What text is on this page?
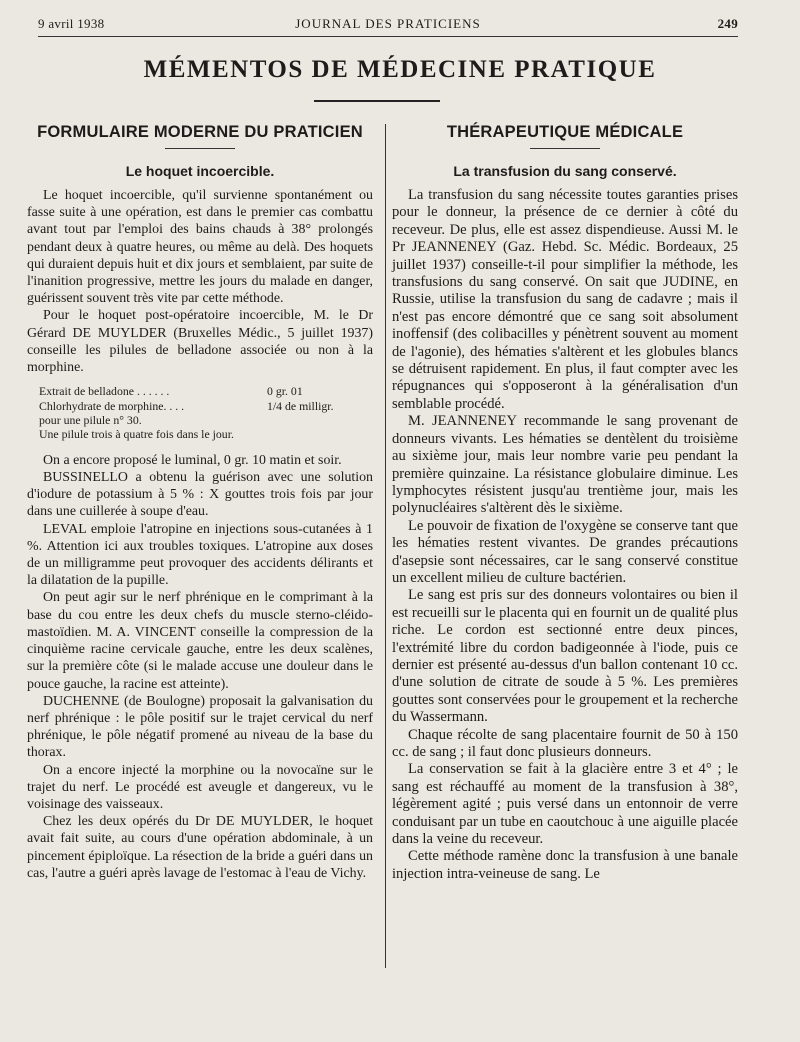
9 avril 1938	JOURNAL DES PRATICIENS	249
MÉMENTOS DE MÉDECINE PRATIQUE
FORMULAIRE MODERNE DU PRATICIEN
Le hoquet incoercible.

Le hoquet incoercible, qu'il survienne spontanément ou fasse suite à une opération, est dans le premier cas combattu avant tout par l'emploi des bains chauds à 38° prolongés pendant deux à quatre heures, ou même au delà. Des hoquets qui duraient depuis huit et dix jours et semblaient, par suite de l'inanition progressive, mettre les jours du malade en danger, guérissent souvent très vite par cette méthode.

Pour le hoquet post-opératoire incoercible, M. le Dr Gérard DE MUYLDER (Bruxelles Médic., 5 juillet 1937) conseille les pilules de belladone associée ou non à la morphine.

Extrait de belladone . . . . . .	0 gr. 01
Chlorhydrate de morphine. . . .	1/4 de milligr.
pour une pilule n° 30.
Une pilule trois à quatre fois dans le jour.

On a encore proposé le luminal, 0 gr. 10 matin et soir.

BUSSINELLO a obtenu la guérison avec une solution d'iodure de potassium à 5 % : X gouttes trois fois par jour dans une cuillerée à soupe d'eau.

LEVAL emploie l'atropine en injections sous-cutanées à 1 %. Attention ici aux troubles toxiques. L'atropine aux doses de un milligramme peut provoquer des accidents délirants et la dilatation de la pupille.

On peut agir sur le nerf phrénique en le comprimant à la base du cou entre les deux chefs du muscle sterno-cléido-mastoïdien. M. A. VINCENT conseille la compression de la cinquième racine cervicale gauche, entre les deux scalènes, sur la première côte (si le malade accuse une douleur dans le pouce gauche, la racine est atteinte).

DUCHENNE (de Boulogne) proposait la galvanisation du nerf phrénique : le pôle positif sur le trajet cervical du nerf phrénique, le pôle négatif promené au niveau de la base du thorax.

On a encore injecté la morphine ou la novocaïne sur le trajet du nerf. Le procédé est aveugle et dangereux, vu le voisinage des vaisseaux.

Chez les deux opérés du Dr DE MUYLDER, le hoquet avait fait suite, au cours d'une opération abdominale, à un pincement épiploïque. La résection de la bride a guéri dans un cas, l'autre a guéri après lavage de l'estomac à l'eau de Vichy.

THÉRAPEUTIQUE MÉDICALE
La transfusion du sang conservé.

La transfusion du sang nécessite toutes garanties prises pour le donneur, la présence de ce dernier à côté du receveur. De plus, elle est assez dispendieuse. Aussi M. le Pr JEANNENEY (Gaz. Hebd. Sc. Médic. Bordeaux, 25 juillet 1937) conseille-t-il pour simplifier la méthode, les transfusions du sang conservé. On sait que JUDINE, en Russie, utilise la transfusion du sang de cadavre ; mais il n'est pas encore démontré que ce sang soit absolument inoffensif (des colibacilles y pénètrent souvent au moment de l'agonie), des hématies s'altèrent et les globules blancs se détruisent rapidement. En plus, il faut compter avec les répugnances qui s'opposeront à la généralisation d'un semblable procédé.

M. JEANNENEY recommande le sang provenant de donneurs vivants. Les hématies se dentèlent du troisième au sixième jour, mais leur nombre varie peu pendant la première quinzaine. La résistance globulaire diminue. Les lymphocytes résistent jusqu'au trentième jour, mais les polynucléaires s'altèrent dès le sixième.

Le pouvoir de fixation de l'oxygène se conserve tant que les hématies restent vivantes. De grandes précautions d'asepsie sont nécessaires, car le sang conservé constitue un excellent milieu de culture bactérien.

Le sang est pris sur des donneurs volontaires ou bien il est recueilli sur le placenta qui en fournit un de qualité plus riche. Le cordon est sectionné entre deux pinces, l'extrémité libre du cordon badigeonnée à l'iode, puis ce dernier est présenté au-dessus d'un ballon contenant 10 cc. d'une solution de citrate de soude à 5 %. Les premières gouttes sont conservées pour le groupement et la recherche du Wassermann.

Chaque récolte de sang placentaire fournit de 50 à 150 cc. de sang ; il faut donc plusieurs donneurs.

La conservation se fait à la glacière entre 3 et 4° ; le sang est réchauffé au moment de la transfusion à 38°, légèrement agité ; puis versé dans un entonnoir de verre conduisant par un tube en caoutchouc à une aiguille placée dans la veine du receveur.

Cette méthode ramène donc la transfusion à une banale injection intra-veineuse de sang. Le
